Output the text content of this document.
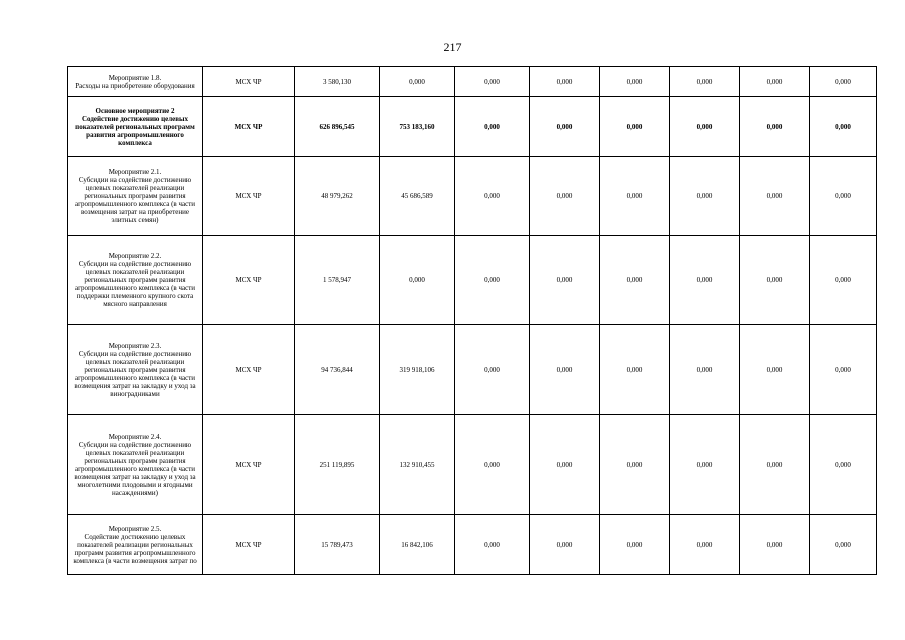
217
Мероприятие 1.8.
Расходы на приобретение оборудования	МСХ ЧР	3 580,130	0,000	0,000	0,000	0,000	0,000	0,000	0,000
Основное мероприятие 2
Содействие достижению целевых показателей региональных программ развития агропромышленного комплекса	МСХ ЧР	626 896,545	753 183,160	0,000	0,000	0,000	0,000	0,000	0,000
Мероприятие 2.1.
Субсидии на содействие достижению целевых показателей реализации региональных программ развития агропромышленного комплекса (в части возмещения затрат на приобретение элитных семян)	МСХ ЧР	48 979,262	45 686,589	0,000	0,000	0,000	0,000	0,000	0,000
Мероприятие 2.2.
Субсидии на содействие достижению целевых показателей реализации региональных программ развития агропромышленного комплекса (в части поддержки племенного крупного скота мясного направления	МСХ ЧР	1 578,947	0,000	0,000	0,000	0,000	0,000	0,000	0,000
Мероприятие 2.3.
Субсидии на содействие достижению целевых показателей реализации региональных программ развития агропромышленного комплекса (в части возмещения затрат на закладку и уход за виноградниками	МСХ ЧР	94 736,844	319 918,106	0,000	0,000	0,000	0,000	0,000	0,000
Мероприятие 2.4.
Субсидии на содействие достижению целевых показателей реализации региональных программ развития агропромышленного комплекса (в части возмещения затрат на закладку и уход за многолетними плодовыми и ягодными насаждениями)	МСХ ЧР	251 119,895	132 910,455	0,000	0,000	0,000	0,000	0,000	0,000
Мероприятие 2.5.
Содействие достижению целевых показателей реализации региональных программ развития агропромышленного комплекса (в части возмещения затрат по	МСХ ЧР	15 789,473	16 842,106	0,000	0,000	0,000	0,000	0,000	0,000
